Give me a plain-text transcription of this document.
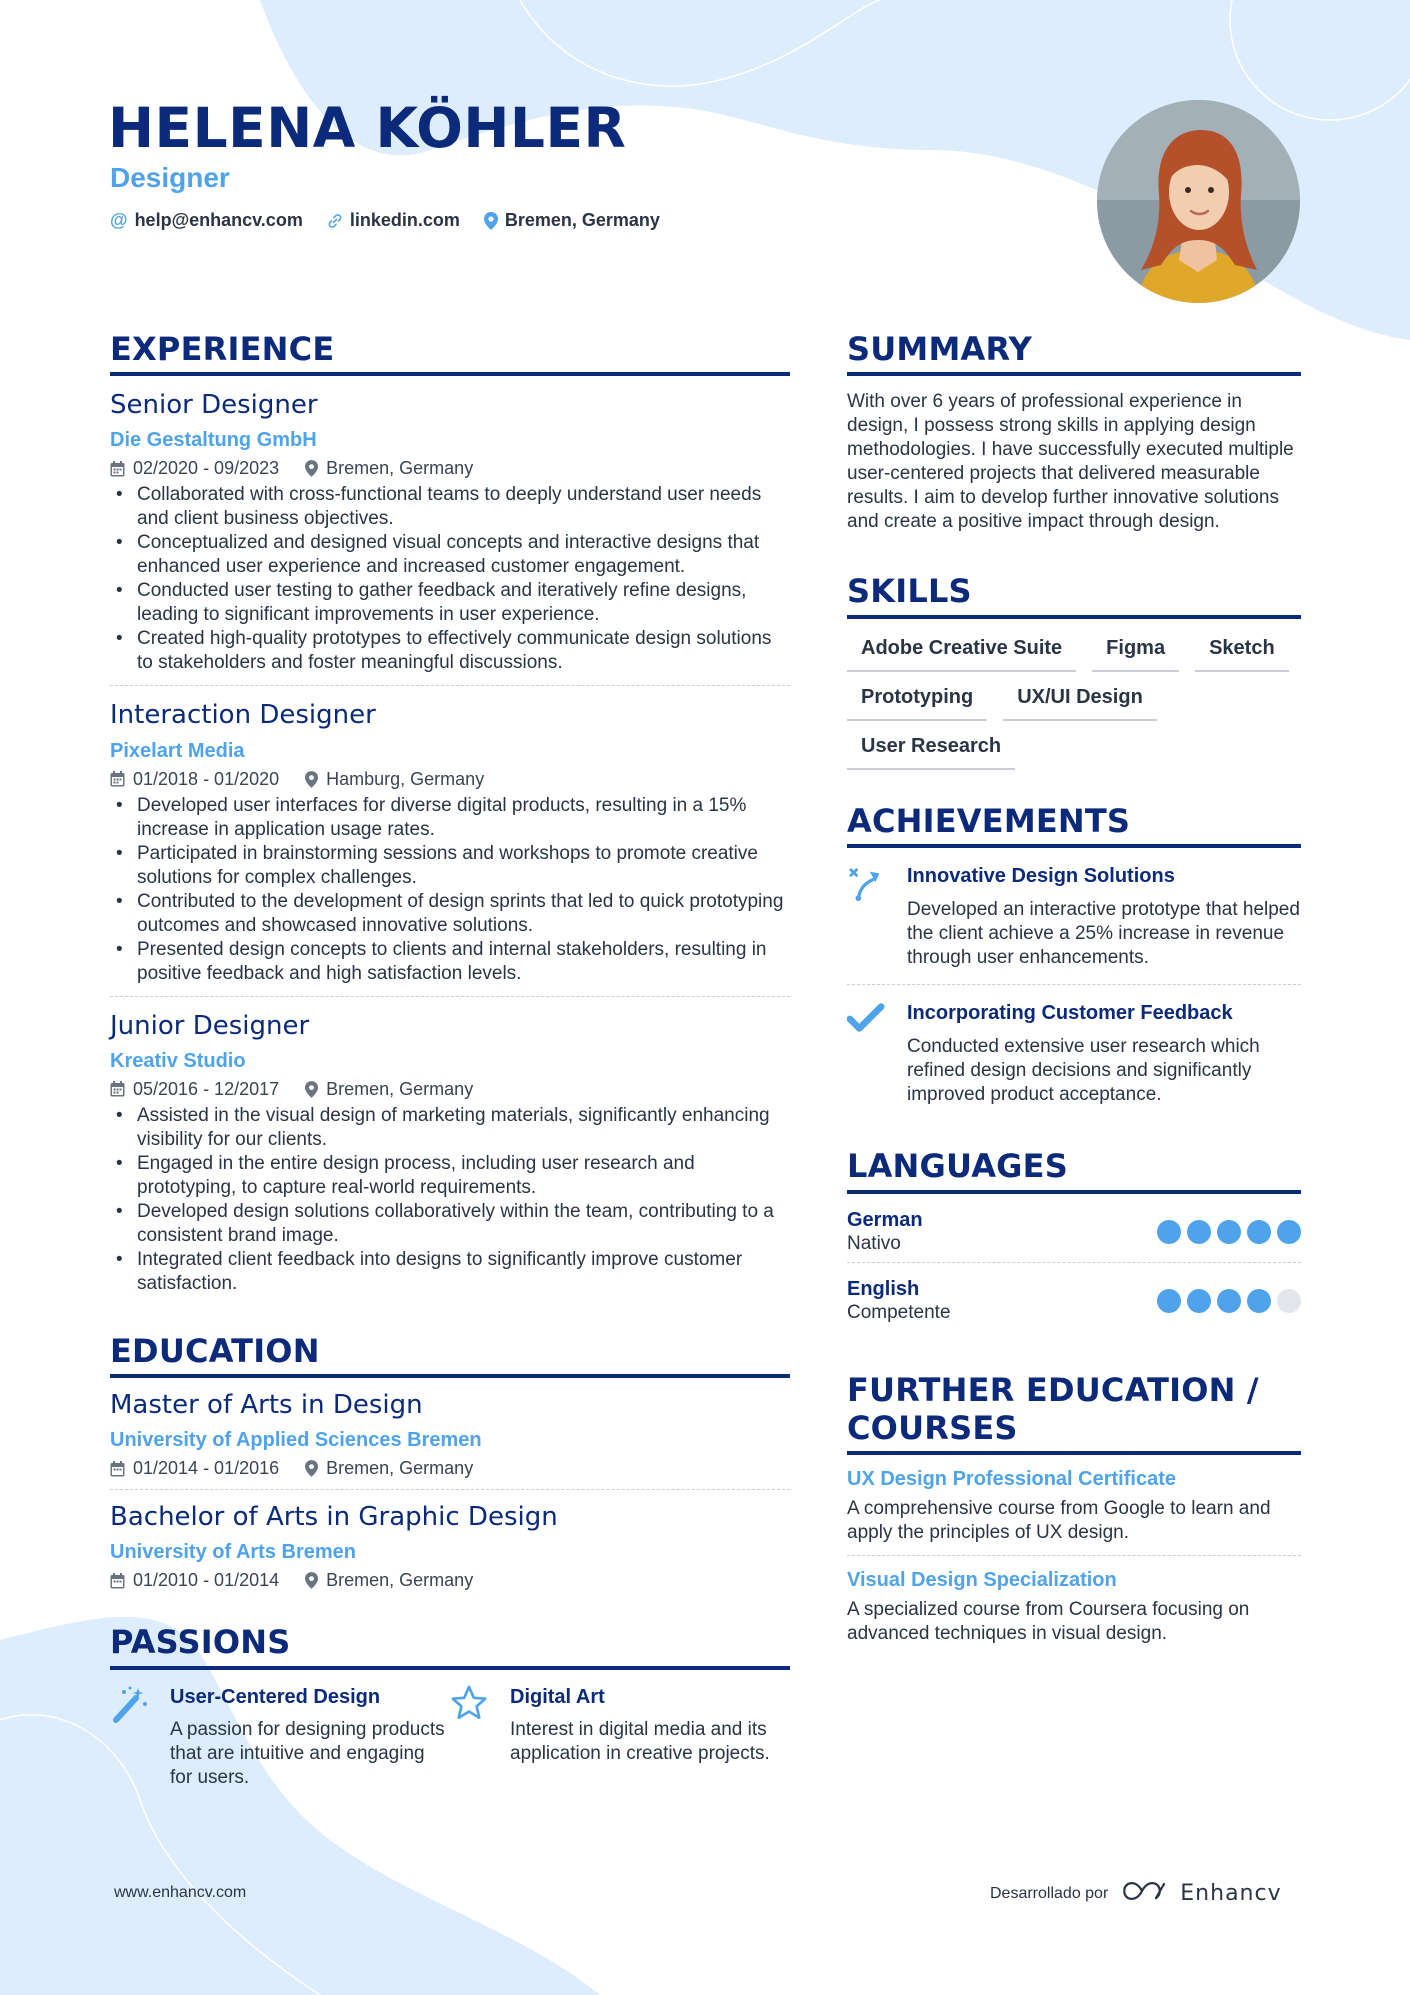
HELENA KÖHLER
Designer
@ help@enhancv.com	linkedin.com	Bremen, Germany
EXPERIENCE
Senior Designer
Die Gestaltung GmbH
02/2020 - 09/2023	Bremen, Germany
• Collaborated with cross-functional teams to deeply understand user needs and client business objectives.
• Conceptualized and designed visual concepts and interactive designs that enhanced user experience and increased customer engagement.
• Conducted user testing to gather feedback and iteratively refine designs, leading to significant improvements in user experience.
• Created high-quality prototypes to effectively communicate design solutions to stakeholders and foster meaningful discussions.
Interaction Designer
Pixelart Media
01/2018 - 01/2020	Hamburg, Germany
• Developed user interfaces for diverse digital products, resulting in a 15% increase in application usage rates.
• Participated in brainstorming sessions and workshops to promote creative solutions for complex challenges.
• Contributed to the development of design sprints that led to quick prototyping outcomes and showcased innovative solutions.
• Presented design concepts to clients and internal stakeholders, resulting in positive feedback and high satisfaction levels.
Junior Designer
Kreativ Studio
05/2016 - 12/2017	Bremen, Germany
• Assisted in the visual design of marketing materials, significantly enhancing visibility for our clients.
• Engaged in the entire design process, including user research and prototyping, to capture real-world requirements.
• Developed design solutions collaboratively within the team, contributing to a consistent brand image.
• Integrated client feedback into designs to significantly improve customer satisfaction.
EDUCATION
Master of Arts in Design
University of Applied Sciences Bremen
01/2014 - 01/2016	Bremen, Germany
Bachelor of Arts in Graphic Design
University of Arts Bremen
01/2010 - 01/2014	Bremen, Germany
PASSIONS
User-Centered Design
A passion for designing products that are intuitive and engaging for users.
Digital Art
Interest in digital media and its application in creative projects.
SUMMARY
With over 6 years of professional experience in design, I possess strong skills in applying design methodologies. I have successfully executed multiple user-centered projects that delivered measurable results. I aim to develop further innovative solutions and create a positive impact through design.
SKILLS
Adobe Creative Suite	Figma	Sketch
Prototyping	UX/UI Design
User Research
ACHIEVEMENTS
Innovative Design Solutions
Developed an interactive prototype that helped the client achieve a 25% increase in revenue through user enhancements.
Incorporating Customer Feedback
Conducted extensive user research which refined design decisions and significantly improved product acceptance.
LANGUAGES
German
Nativo
English
Competente
FURTHER EDUCATION / COURSES
UX Design Professional Certificate
A comprehensive course from Google to learn and apply the principles of UX design.
Visual Design Specialization
A specialized course from Coursera focusing on advanced techniques in visual design.
www.enhancv.com	Desarrollado por	Enhancv
